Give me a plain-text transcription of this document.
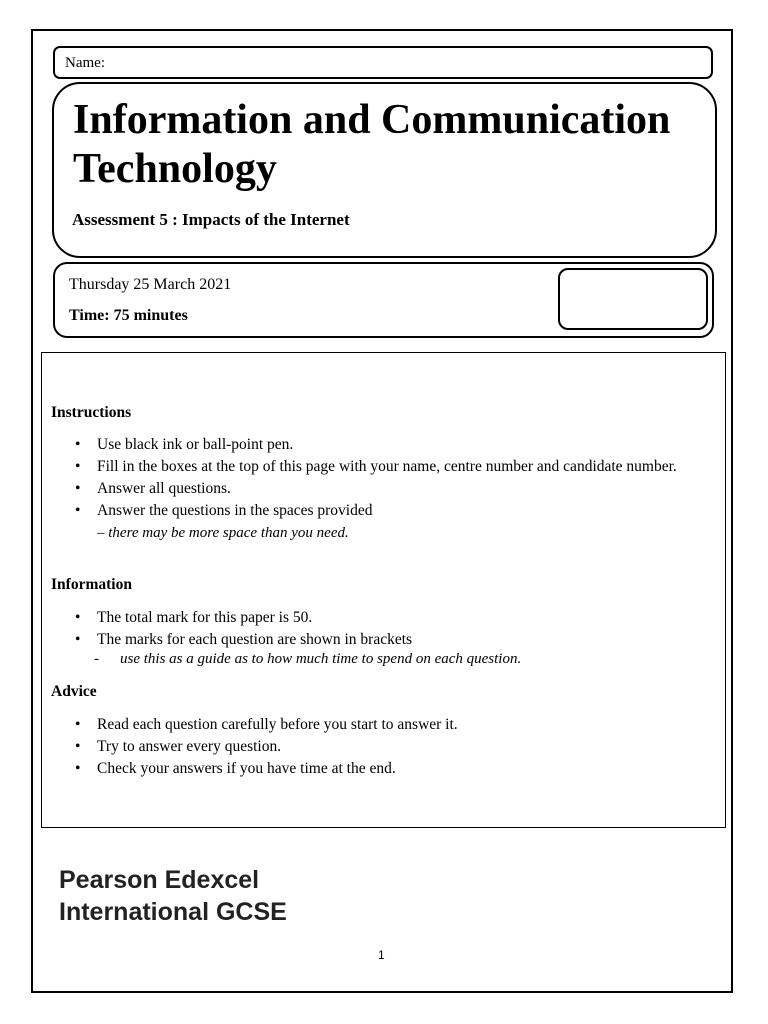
Name:
Information and Communication Technology
Assessment 5 : Impacts of the Internet
Thursday 25 March 2021
Time: 75 minutes
Instructions
• Use black ink or ball-point pen.
• Fill in the boxes at the top of this page with your name, centre number and candidate number.
• Answer all questions.
• Answer the questions in the spaces provided
– there may be more space than you need.
Information
• The total mark for this paper is 50.
• The marks for each question are shown in brackets
- use this as a guide as to how much time to spend on each question.
Advice
• Read each question carefully before you start to answer it.
• Try to answer every question.
• Check your answers if you have time at the end.
Pearson Edexcel
International GCSE
1
